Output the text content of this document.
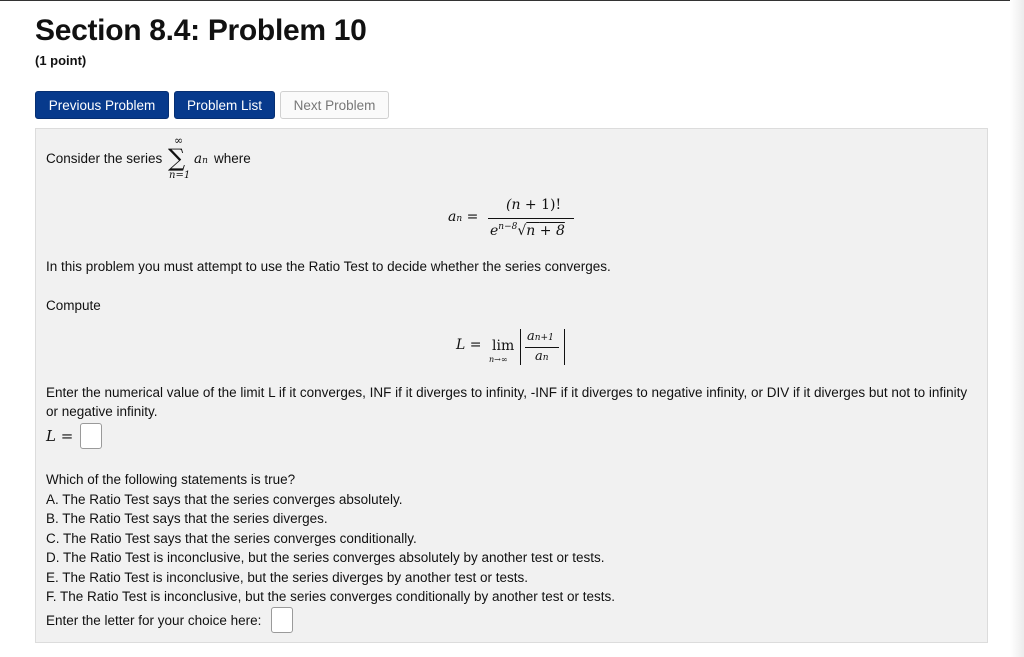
Section 8.4: Problem 10
(1 point)
Previous Problem	Problem List	Next Problem
Consider the series
∞
∑
n=1
an where
an =
(n + 1)!
$e^{n-8}√n + 8$
In this problem you must attempt to use the Ratio Test to decide whether the series converges.
Compute
L = lim
n→∞
an+1
an
Enter the numerical value of the limit L if it converges, INF if it diverges to infinity, -INF if it diverges to negative infinity, or DIV if it diverges but not to infinity or negative infinity.
L =
Which of the following statements is true?
A. The Ratio Test says that the series converges absolutely.
B. The Ratio Test says that the series diverges.
C. The Ratio Test says that the series converges conditionally.
D. The Ratio Test is inconclusive, but the series converges absolutely by another test or tests.
E. The Ratio Test is inconclusive, but the series diverges by another test or tests.
F. The Ratio Test is inconclusive, but the series converges conditionally by another test or tests.
Enter the letter for your choice here:
